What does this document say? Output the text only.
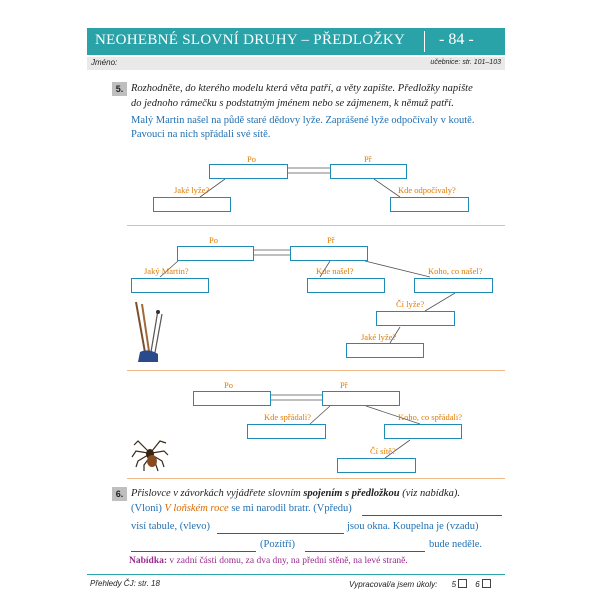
NEOHEBNÉ SLOVNÍ DRUHY – PŘEDLOŽKY - 84 -
Jméno:	učebnice: str. 101–103
5. Rozhodněte, do kterého modelu která věta patří, a věty zapište. Předložky napište
do jednoho rámečku s podstatným jménem nebo se zájmenem, k němuž patří.
Malý Martin našel na půdě staré dědovy lyže. Zaprášené lyže odpočívaly v koutě.
Pavouci na nich spřádali své sítě.
Po	Př
Jaké lyže?	Kde odpočívaly?
Po	Př
Jaký Martin?	Kde našel?	Koho, co našel?
Čí lyže?
Jaké lyže?
Po	Př
Kde spřádali?	Koho, co spřádali?
Čí sítě?
6. Přislovce v závorkách vyjádřete slovním spojením s předložkou (viz nabídka).
(Vloni) V loňském roce se mi narodil bratr. (Vpředu)
visí tabule, (vlevo)	jsou okna. Koupelna je (vzadu)
(Pozítří)	bude neděle.
Nabídka: v zadní části domu, za dva dny, na přední stěně, na levé straně.
Přehledy ČJ: str. 18	Vypracoval/a jsem úkoly: 5 6
